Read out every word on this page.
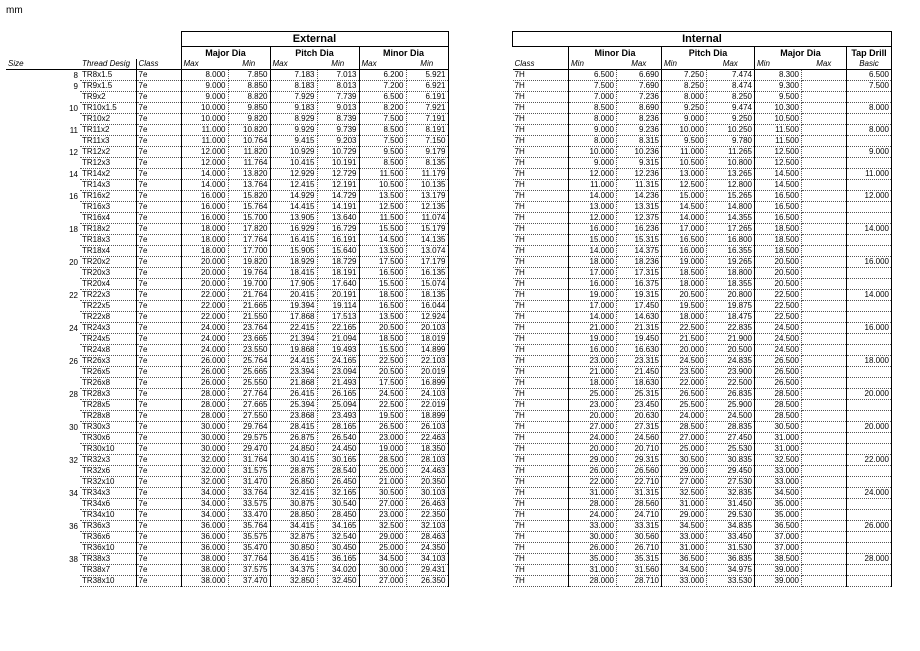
mm
			External					
			Major Dia		Pitch Dia		Minor Dia	
Size	Thread Desig	Class	Max	Min	Max	Min	Max	Min
8	TR8x1.5	7e	8.000	7.850	7.183	7.013	6.200	5.921
9	TR9x1.5	7e	9.000	8.850	8.183	8.013	7.200	6.921
	TR9x2	7e	9.000	8.820	7.929	7.739	6.500	6.191
10	TR10x1.5	7e	10.000	9.850	9.183	9.013	8.200	7.921
	TR10x2	7e	10.000	9.820	8.929	8.739	7.500	7.191
11	TR11x2	7e	11.000	10.820	9.929	9.739	8.500	8.191
	TR11x3	7e	11.000	10.764	9.415	9.203	7.500	7.150
12	TR12x2	7e	12.000	11.820	10.929	10.729	9.500	9.179
	TR12x3	7e	12.000	11.764	10.415	10.191	8.500	8.135
14	TR14x2	7e	14.000	13.820	12.929	12.729	11.500	11.179
	TR14x3	7e	14.000	13.764	12.415	12.191	10.500	10.135
16	TR16x2	7e	16.000	15.820	14.929	14.729	13.500	13.179
	TR16x3	7e	16.000	15.764	14.415	14.191	12.500	12.135
	TR16x4	7e	16.000	15.700	13.905	13.640	11.500	11.074
18	TR18x2	7e	18.000	17.820	16.929	16.729	15.500	15.179
	TR18x3	7e	18.000	17.764	16.415	16.191	14.500	14.135
	TR18x4	7e	18.000	17.700	15.905	15.640	13.500	13.074
20	TR20x2	7e	20.000	19.820	18.929	18.729	17.500	17.179
	TR20x3	7e	20.000	19.764	18.415	18.191	16.500	16.135
	TR20x4	7e	20.000	19.700	17.905	17.640	15.500	15.074
22	TR22x3	7e	22.000	21.764	20.415	20.191	18.500	18.135
	TR22x5	7e	22.000	21.665	19.394	19.114	16.500	16.044
	TR22x8	7e	22.000	21.550	17.868	17.513	13.500	12.924
24	TR24x3	7e	24.000	23.764	22.415	22.165	20.500	20.103
	TR24x5	7e	24.000	23.665	21.394	21.094	18.500	18.019
	TR24x8	7e	24.000	23.550	19.868	19.493	15.500	14.899
26	TR26x3	7e	26.000	25.764	24.415	24.165	22.500	22.103
	TR26x5	7e	26.000	25.665	23.394	23.094	20.500	20.019
	TR26x8	7e	26.000	25.550	21.868	21.493	17.500	16.899
28	TR28x3	7e	28.000	27.764	26.415	26.165	24.500	24.103
	TR28x5	7e	28.000	27.665	25.394	25.094	22.500	22.019
	TR28x8	7e	28.000	27.550	23.868	23.493	19.500	18.899
30	TR30x3	7e	30.000	29.764	28.415	28.165	26.500	26.103
	TR30x6	7e	30.000	29.575	26.875	26.540	23.000	22.463
	TR30x10	7e	30.000	29.470	24.850	24.450	19.000	18.350
32	TR32x3	7e	32.000	31.764	30.415	30.165	28.500	28.103
	TR32x6	7e	32.000	31.575	28.875	28.540	25.000	24.463
	TR32x10	7e	32.000	31.470	26.850	26.450	21.000	20.350
34	TR34x3	7e	34.000	33.764	32.415	32.165	30.500	30.103
	TR34x6	7e	34.000	33.575	30.875	30.540	27.000	26.463
	TR34x10	7e	34.000	33.470	28.850	28.450	23.000	22.350
36	TR36x3	7e	36.000	35.764	34.415	34.165	32.500	32.103
	TR36x6	7e	36.000	35.575	32.875	32.540	29.000	28.463
	TR36x10	7e	36.000	35.470	30.850	30.450	25.000	24.350
38	TR38x3	7e	38.000	37.764	36.415	36.165	34.500	34.103
	TR38x7	7e	38.000	37.575	34.375	34.020	30.000	29.431
	TR38x10	7e	38.000	37.470	32.850	32.450	27.000	26.350
Internal							
	Minor Dia		Pitch Dia		Major Dia		Tap Drill
Class	Min	Max	Min	Max	Min	Max	Basic
7H	6.500	6.690	7.250	7.474	8.300		6.500
7H	7.500	7.690	8.250	8.474	9.300		7.500
7H	7.000	7.236	8.000	8.250	9.500		
7H	8.500	8.690	9.250	9.474	10.300		8.000
7H	8.000	8.236	9.000	9.250	10.500		
7H	9.000	9.236	10.000	10.250	11.500		8.000
7H	8.000	8.315	9.500	9.780	11.500		
7H	10.000	10.236	11.000	11.265	12.500		9.000
7H	9.000	9.315	10.500	10.800	12.500		
7H	12.000	12.236	13.000	13.265	14.500		11.000
7H	11.000	11.315	12.500	12.800	14.500		
7H	14.000	14.236	15.000	15.265	16.500		12.000
7H	13.000	13.315	14.500	14.800	16.500		
7H	12.000	12.375	14.000	14.355	16.500		
7H	16.000	16.236	17.000	17.265	18.500		14.000
7H	15.000	15.315	16.500	16.800	18.500		
7H	14.000	14.375	16.000	16.355	18.500		
7H	18.000	18.236	19.000	19.265	20.500		16.000
7H	17.000	17.315	18.500	18.800	20.500		
7H	16.000	16.375	18.000	18.355	20.500		
7H	19.000	19.315	20.500	20.800	22.500		14.000
7H	17.000	17.450	19.500	19.875	22.500		
7H	14.000	14.630	18.000	18.475	22.500		
7H	21.000	21.315	22.500	22.835	24.500		16.000
7H	19.000	19.450	21.500	21.900	24.500		
7H	16.000	16.630	20.000	20.500	24.500		
7H	23.000	23.315	24.500	24.835	26.500		18.000
7H	21.000	21.450	23.500	23.900	26.500		
7H	18.000	18.630	22.000	22.500	26.500		
7H	25.000	25.315	26.500	26.835	28.500		20.000
7H	23.000	23.450	25.500	25.900	28.500		
7H	20.000	20.630	24.000	24.500	28.500		
7H	27.000	27.315	28.500	28.835	30.500		20.000
7H	24.000	24.560	27.000	27.450	31.000		
7H	20.000	20.710	25.000	25.530	31.000		
7H	29.000	29.315	30.500	30.835	32.500		22.000
7H	26.000	26.560	29.000	29.450	33.000		
7H	22.000	22.710	27.000	27.530	33.000		
7H	31.000	31.315	32.500	32.835	34.500		24.000
7H	28.000	28.560	31.000	31.450	35.000		
7H	24.000	24.710	29.000	29.530	35.000		
7H	33.000	33.315	34.500	34.835	36.500		26.000
7H	30.000	30.560	33.000	33.450	37.000		
7H	26.000	26.710	31.000	31.530	37.000		
7H	35.000	35.315	36.500	36.835	38.500		28.000
7H	31.000	31.560	34.500	34.975	39.000		
7H	28.000	28.710	33.000	33.530	39.000		
